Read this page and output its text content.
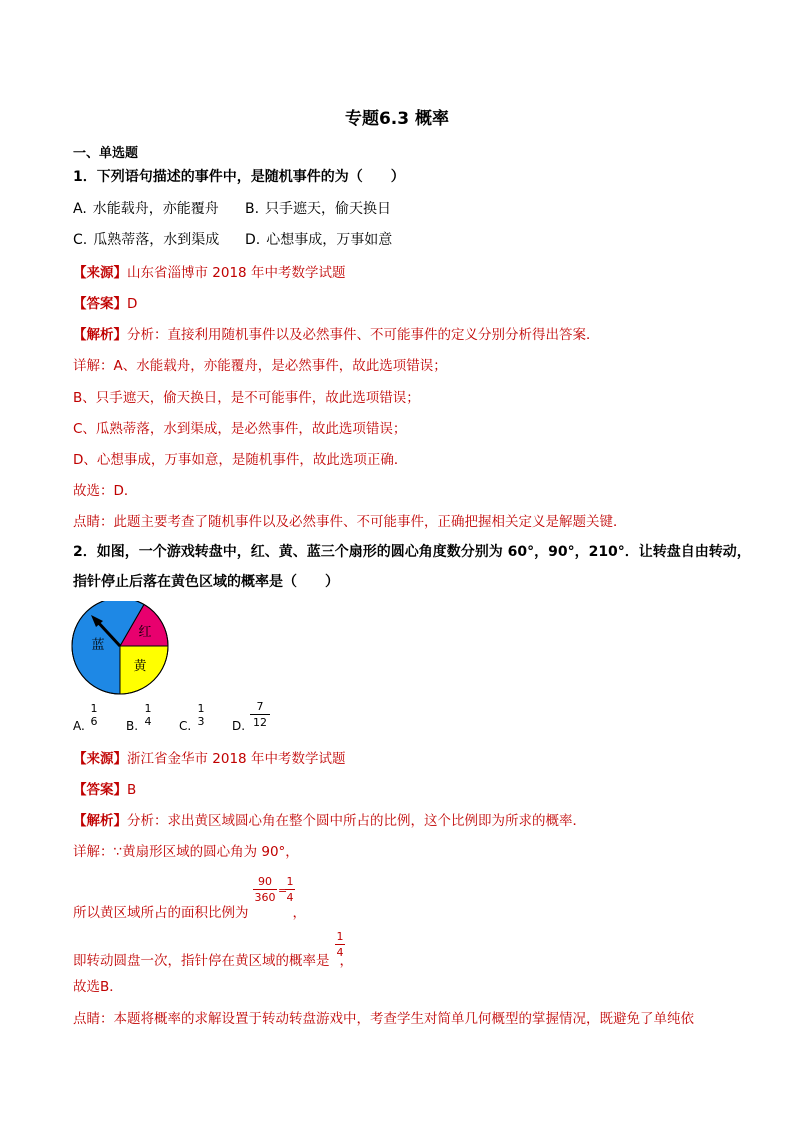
专题6.3 概率
一、单选题
1．下列语句描述的事件中，是随机事件的为（　　）
A. 水能载舟，亦能覆舟 B. 只手遮天，偷天换日
C. 瓜熟蒂落，水到渠成 D. 心想事成，万事如意
【来源】山东省淄博市 2018 年中考数学试题
【答案】D
【解析】分析：直接利用随机事件以及必然事件、不可能事件的定义分别分析得出答案．
详解：A、水能载舟，亦能覆舟，是必然事件，故此选项错误；
B、只手遮天，偷天换日，是不可能事件，故此选项错误；
C、瓜熟蒂落，水到渠成，是必然事件，故此选项错误；
D、心想事成，万事如意，是随机事件，故此选项正确．
故选：D．
点睛：此题主要考查了随机事件以及必然事件、不可能事件，正确把握相关定义是解题关键．
2．如图，一个游戏转盘中，红、黄、蓝三个扇形的圆心角度数分别为 60°，90°，210°．让转盘自由转动，
指针停止后落在黄色区域的概率是（　　）
红
黄
蓝
A.
1
6 B.
1
4 C.
1
3 D.
7
12
【来源】浙江省金华市 2018 年中考数学试题
【答案】B
【解析】分析：求出黄区域圆心角在整个圆中所占的比例，这个比例即为所求的概率．
详解：∵黄扇形区域的圆心角为 90°，
90
360
=
1
4
所以黄区域所占的面积比例为	，
1
4
即转动圆盘一次，指针停在黄区域的概率是 ，
故选B．
点睛：本题将概率的求解设置于转动转盘游戏中，考查学生对简单几何概型的掌握情况，既避免了单纯依
